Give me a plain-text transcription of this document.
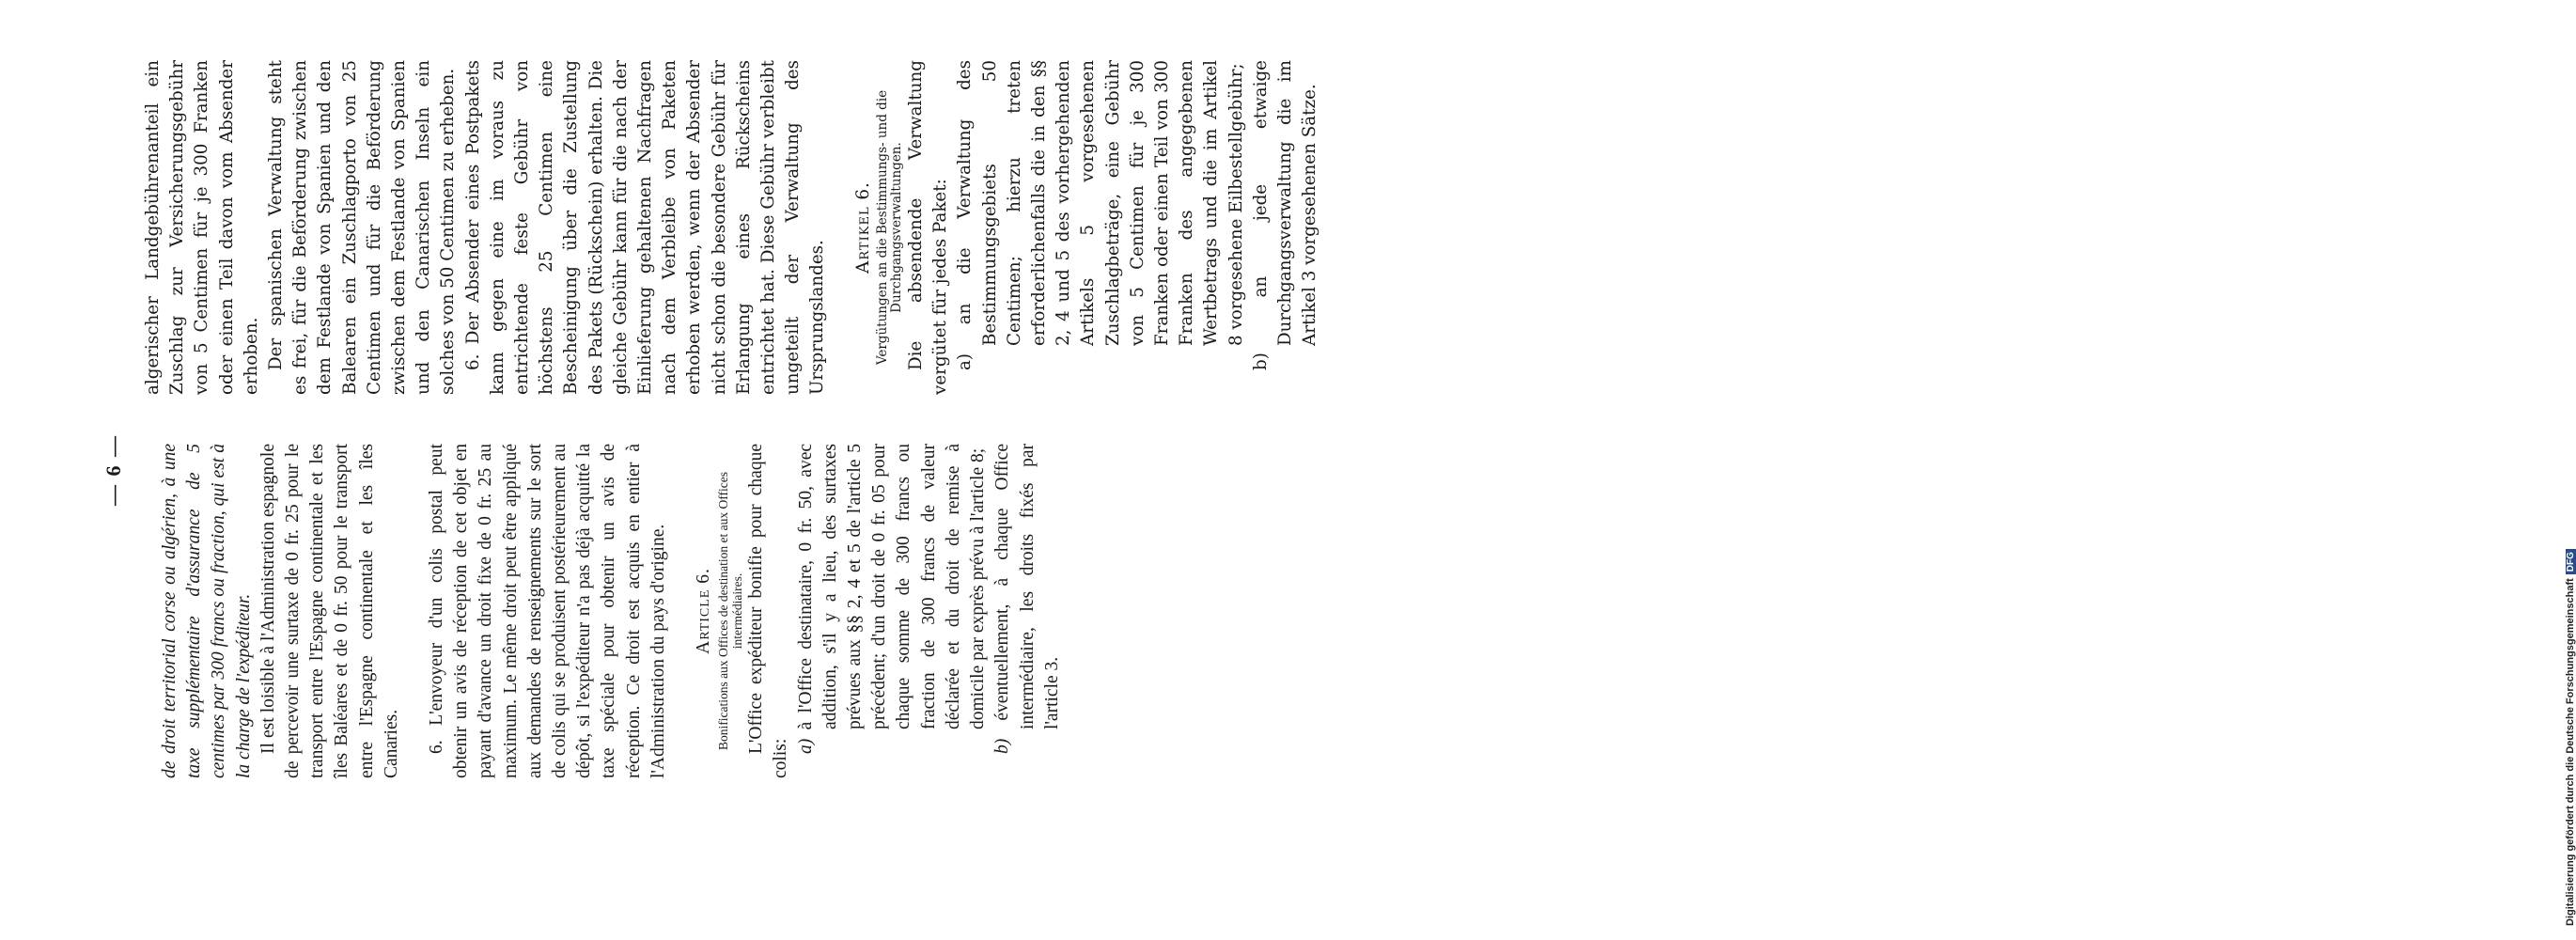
— 6 — de droit territorial corse ou algérien, à une taxe supplémentaire d'assurance de 5 centimes par 300 francs ou fraction, qui est à la charge de l'expéditeur. Il est loisible à l'Administration espagnole de percevoir une surtaxe de 0 fr. 25 pour le transport entre l'Espagne continentale et les îles Baléares et de 0 fr. 50 pour le transport entre l'Espagne continentale et les îles Canaries. 6. L'envoyeur d'un colis postal peut obtenir un avis de réception de cet objet en payant d'avance un droit fixe de 0 fr. 25 au maximum. Le même droit peut être appliqué aux demandes de renseignements sur le sort de colis qui se produisent postérieurement au dépôt, si l'expéditeur n'a pas déjà acquitté la taxe spéciale pour obtenir un avis de réception. Ce droit est acquis en entier à l'Administration du pays d'origine. Article 6. Bonifications aux Offices de destination et aux Offices intermédiaires. L'Office expéditeur bonifie pour chaque colis: a) à l'Office destinataire, 0 fr. 50, avec addition, s'il y a lieu, des surtaxes prévues aux §§ 2, 4 et 5 de l'article 5 précédent; d'un droit de 0 fr. 05 pour chaque somme de 300 francs ou fraction de 300 francs de valeur déclarée et du droit de remise à domicile par exprès prévu à l'article 8;

b) éventuellement, à chaque Office intermédiaire, les droits fixés par l'article 3.

algerischer Landgebührenanteil ein Zuschlag zur Versicherungsgebühr von 5 Centimen für je 300 Franken oder einen Teil davon vom Absender erhoben. Der spanischen Verwaltung steht es frei, für die Beförderung zwischen dem Festlande von Spanien und den Balearen ein Zuschlagporto von 25 Centimen und für die Beförderung zwischen dem Festlande von Spanien und den Canarischen Inseln ein solches von 50 Centimen zu erheben. 6. Der Absender eines Postpakets kann gegen eine im voraus zu entrichtende feste Gebühr von höchstens 25 Centimen eine Bescheinigung über die Zustellung des Pakets (Rückschein) erhalten. Die gleiche Gebühr kann für die nach der Einlieferung gehaltenen Nachfragen nach dem Verbleibe von Paketen erhoben werden, wenn der Absender nicht schon die besondere Gebühr für Erlangung eines Rückscheins entrichtet hat. Diese Gebühr verbleibt ungeteilt der Verwaltung des Ursprungslandes.

Artikel 6. Vergütungen an die Bestimmungs- und die Durchgangsverwaltungen. Die absendende Verwaltung vergütet für jedes Paket: a) an die Verwaltung des Bestimmungsgebiets 50 Centimen; hierzu treten erforderlichenfalls die in den §§ 2, 4 und 5 des vorhergehenden Artikels 5 vorgesehenen Zuschlagbeträge, eine Gebühr von 5 Centimen für je 300 Franken oder einen Teil von 300 Franken des angegebenen Wertbetrags und die im Artikel 8 vorgesehene Eilbestellgebühr;

b) an jede etwaige Durchgangsverwaltung die im Artikel 3 vorgesehenen Sätze.

Digitalisierung gefördert durch die Deutsche ForschungsgemeinschaftDFG
